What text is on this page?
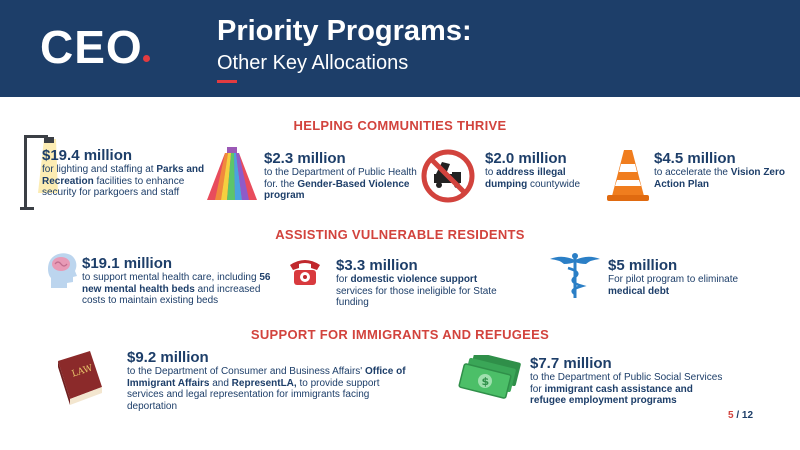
CEO	Priority Programs:
Other Key Allocations
HELPING COMMUNITIES THRIVE
$19.4 million
for lighting and staffing at Parks and Recreation facilities to enhance security for parkgoers and staff
$2.3 million
to the Department of Public Health for. the Gender-Based Violence program
$2.0 million
to address illegal dumping countywide
$4.5 million
to accelerate the Vision Zero Action Plan
ASSISTING VULNERABLE RESIDENTS
$19.1 million
to support mental health care, including 56 new mental health beds and increased costs to maintain existing beds
$3.3 million
for domestic violence support services for those ineligible for State funding
$5 million
For pilot program to eliminate medical debt
SUPPORT FOR IMMIGRANTS AND REFUGEES
LAW
$9.2 million
to the Department of Consumer and Business Affairs' Office of Immigrant Affairs and RepresentLA, to provide support services and legal representation for immigrants facing deportation
$
$7.7 million
to the Department of Public Social Services for immigrant cash assistance and refugee employment programs
5 / 12
